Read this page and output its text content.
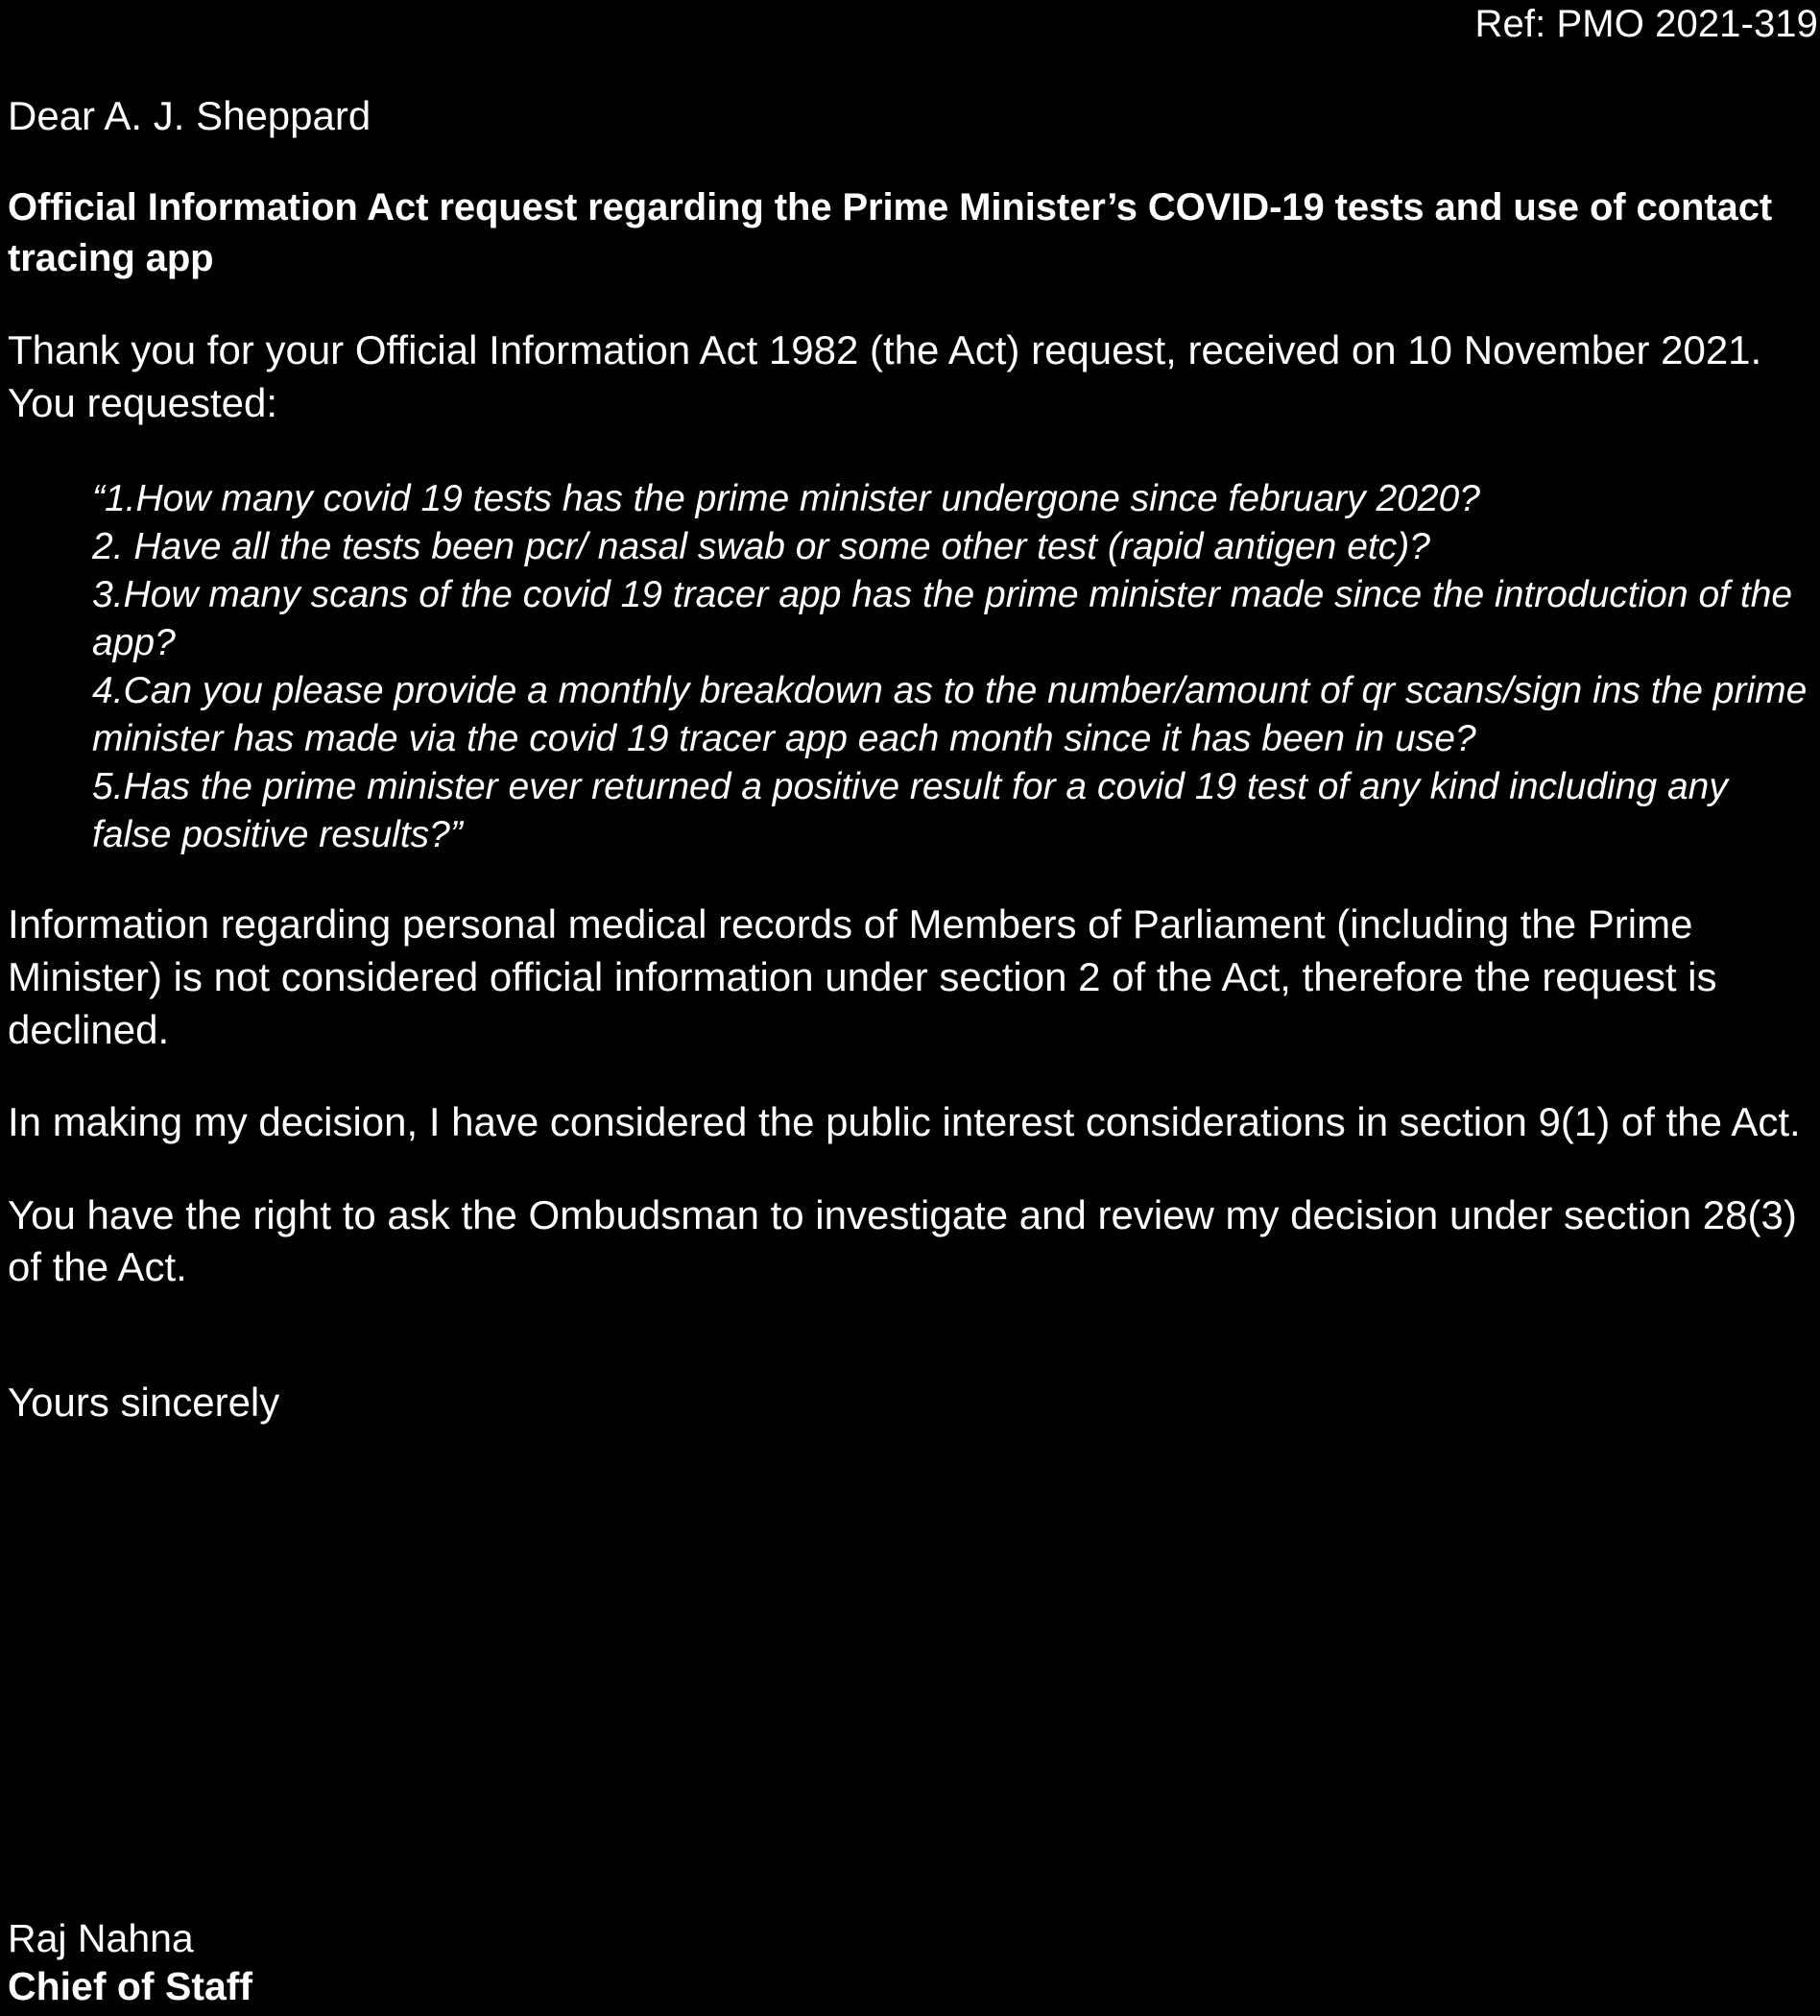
Ref: PMO 2021-319
Dear A. J. Sheppard
Official Information Act request regarding the Prime Minister’s COVID-19 tests and use of contact tracing app
Thank you for your Official Information Act 1982 (the Act) request, received on 10 November 2021. You requested:
“1.How many covid 19 tests has the prime minister undergone since february 2020?
2. Have all the tests been pcr/ nasal swab or some other test (rapid antigen etc)?
3.How many scans of the covid 19 tracer app has the prime minister made since the introduction of the app?
4.Can you please provide a monthly breakdown as to the number/amount of qr scans/sign ins the prime minister has made via the covid 19 tracer app each month since it has been in use?
5.Has the prime minister ever returned a positive result for a covid 19 test of any kind including any false positive results?”
Information regarding personal medical records of Members of Parliament (including the Prime Minister) is not considered official information under section 2 of the Act, therefore the request is declined.
In making my decision, I have considered the public interest considerations in section 9(1) of the Act.
You have the right to ask the Ombudsman to investigate and review my decision under section 28(3) of the Act.
Yours sincerely
Raj Nahna
Chief of Staff
